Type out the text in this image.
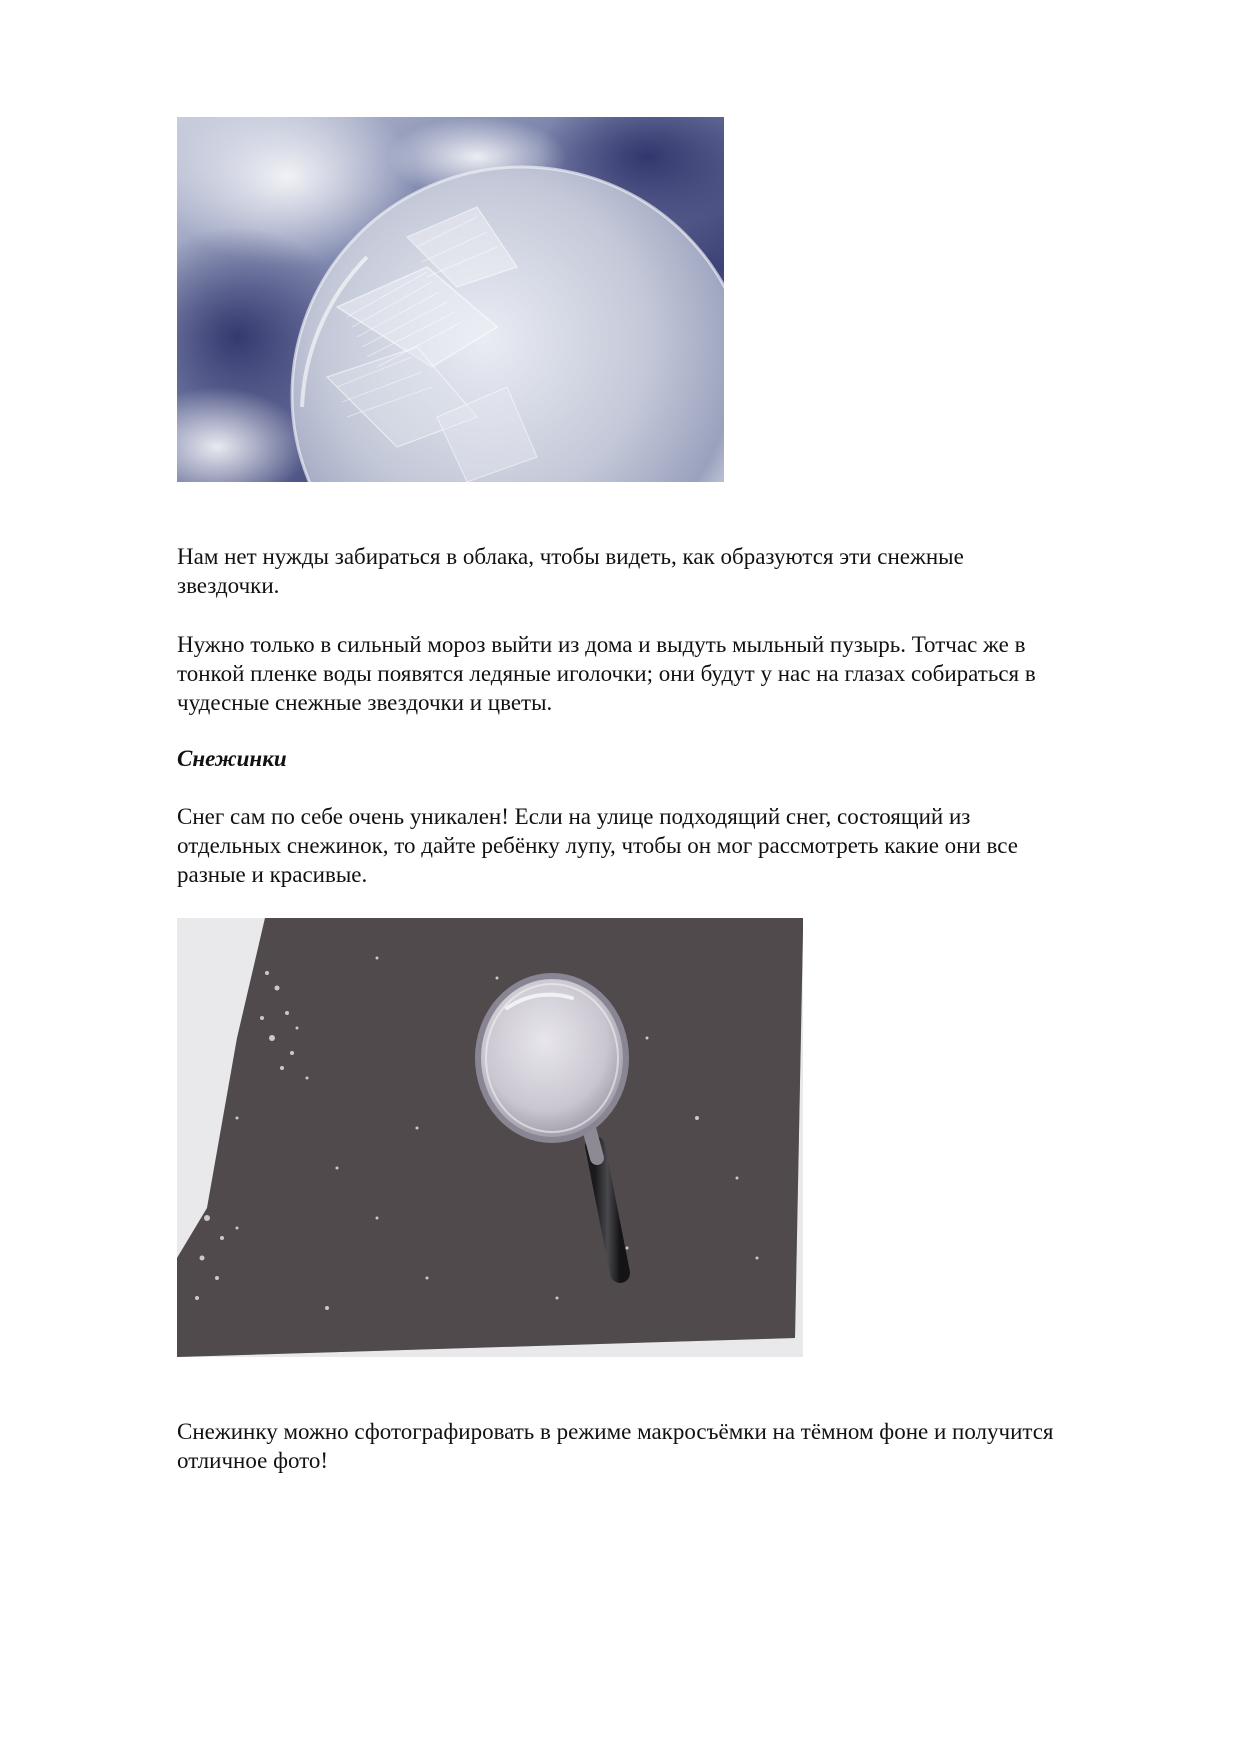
Нам нет нужды забираться в облака, чтобы видеть, как образуются эти снежные
звездочки.

Нужно только в сильный мороз выйти из дома и выдуть мыльный пузырь. Тотчас же в
тонкой пленке воды появятся ледяные иголочки; они будут у нас на глазах собираться в
чудесные снежные звездочки и цветы.

Снежинки

Снег сам по себе очень уникален! Если на улице подходящий снег, состоящий из
отдельных снежинок, то дайте ребёнку лупу, чтобы он мог рассмотреть какие они все
разные и красивые.

Снежинку можно сфотографировать в режиме макросъёмки на тёмном фоне и получится
отличное фото!
